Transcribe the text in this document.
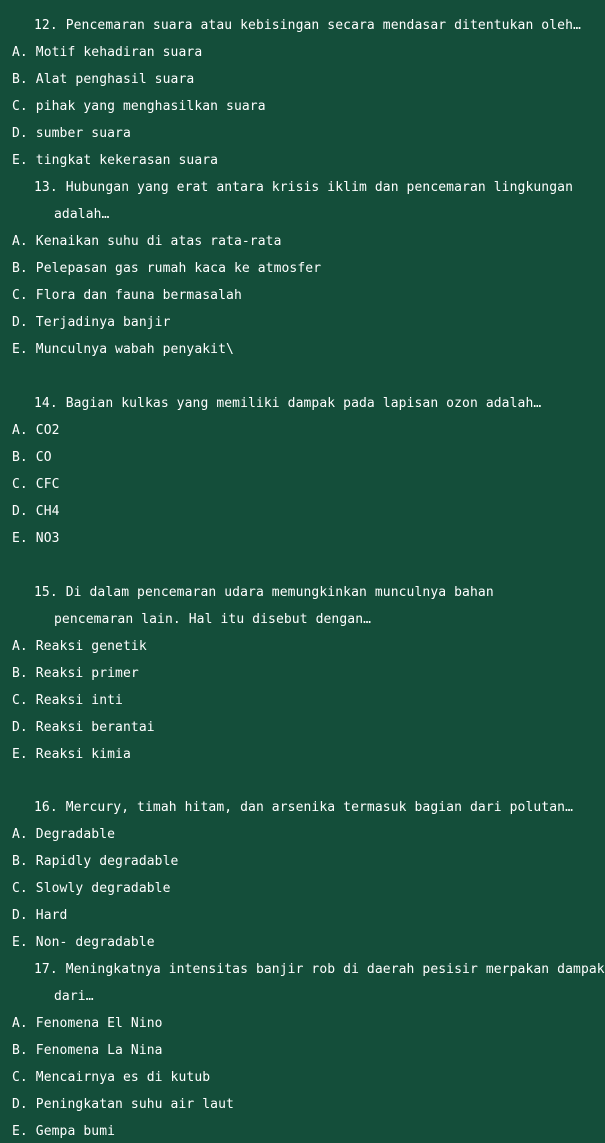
12. Pencemaran suara atau kebisingan secara mendasar ditentukan oleh…
A. Motif kehadiran suara
B. Alat penghasil suara
C. pihak yang menghasilkan suara
D. sumber suara
E. tingkat kekerasan suara
13. Hubungan yang erat antara krisis iklim dan pencemaran lingkungan
adalah…
A. Kenaikan suhu di atas rata-rata
B. Pelepasan gas rumah kaca ke atmosfer
C. Flora dan fauna bermasalah
D. Terjadinya banjir
E. Munculnya wabah penyakit\
14. Bagian kulkas yang memiliki dampak pada lapisan ozon adalah…
A. CO2
B. CO
C. CFC
D. CH4
E. NO3
15. Di dalam pencemaran udara memungkinkan munculnya bahan
pencemaran lain. Hal itu disebut dengan…
A. Reaksi genetik
B. Reaksi primer
C. Reaksi inti
D. Reaksi berantai
E. Reaksi kimia
16. Mercury, timah hitam, dan arsenika termasuk bagian dari polutan…
A. Degradable
B. Rapidly degradable
C. Slowly degradable
D. Hard
E. Non- degradable
17. Meningkatnya intensitas banjir rob di daerah pesisir merpakan dampak
dari…
A. Fenomena El Nino
B. Fenomena La Nina
C. Mencairnya es di kutub
D. Peningkatan suhu air laut
E. Gempa bumi
